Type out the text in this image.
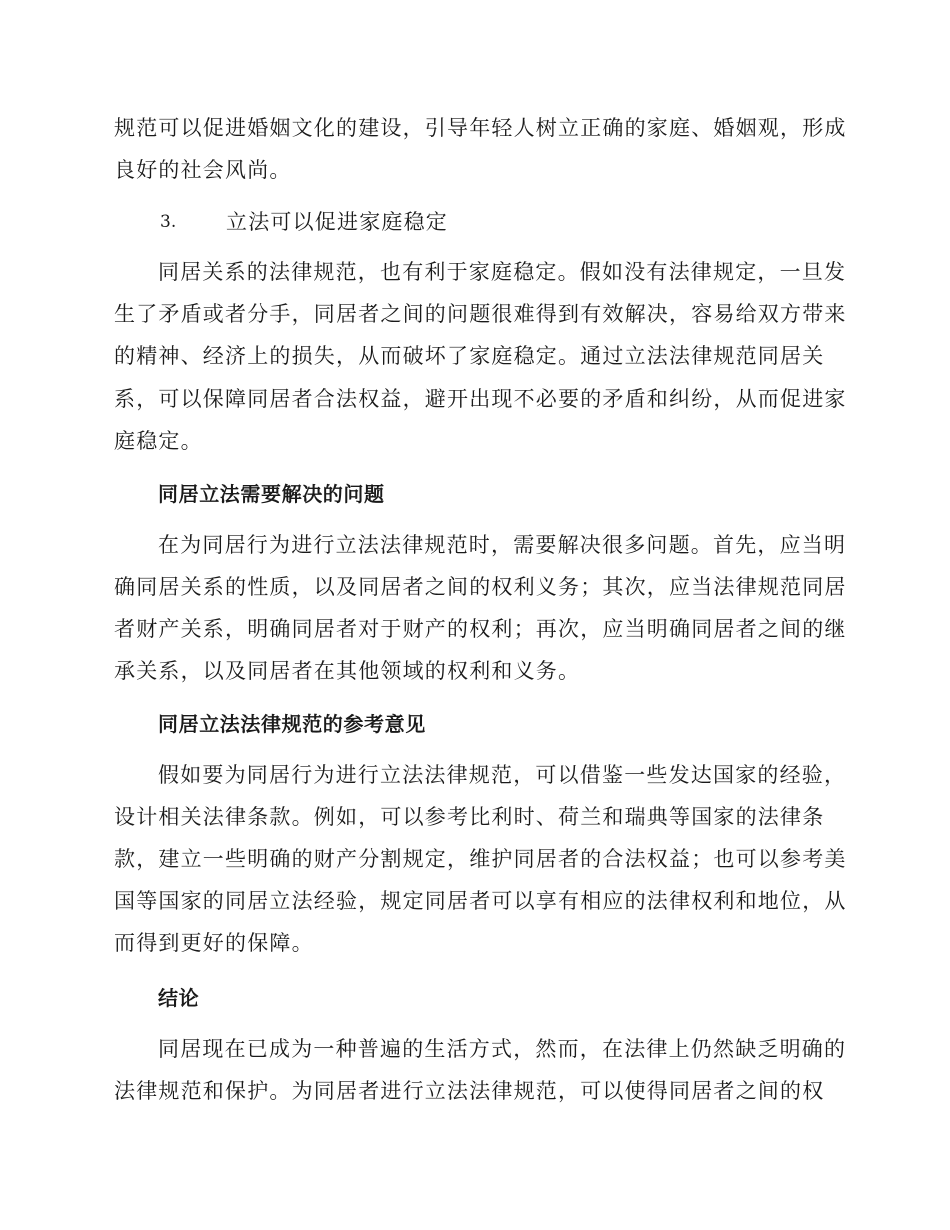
规范可以促进婚姻文化的建设，引导年轻人树立正确的家庭、婚姻观，形成
良好的社会风尚。
3. 立法可以促进家庭稳定
同居关系的法律规范，也有利于家庭稳定。假如没有法律规定，一旦发
生了矛盾或者分手，同居者之间的问题很难得到有效解决，容易给双方带来
的精神、经济上的损失，从而破坏了家庭稳定。通过立法法律规范同居关
系，可以保障同居者合法权益，避开出现不必要的矛盾和纠纷，从而促进家
庭稳定。
同居立法需要解决的问题
在为同居行为进行立法法律规范时，需要解决很多问题。首先，应当明
确同居关系的性质，以及同居者之间的权利义务；其次，应当法律规范同居
者财产关系，明确同居者对于财产的权利；再次，应当明确同居者之间的继
承关系，以及同居者在其他领域的权利和义务。
同居立法法律规范的参考意见
假如要为同居行为进行立法法律规范，可以借鉴一些发达国家的经验，
设计相关法律条款。例如，可以参考比利时、荷兰和瑞典等国家的法律条
款，建立一些明确的财产分割规定，维护同居者的合法权益；也可以参考美
国等国家的同居立法经验，规定同居者可以享有相应的法律权利和地位，从
而得到更好的保障。
结论
同居现在已成为一种普遍的生活方式，然而，在法律上仍然缺乏明确的
法律规范和保护。为同居者进行立法法律规范，可以使得同居者之间的权
